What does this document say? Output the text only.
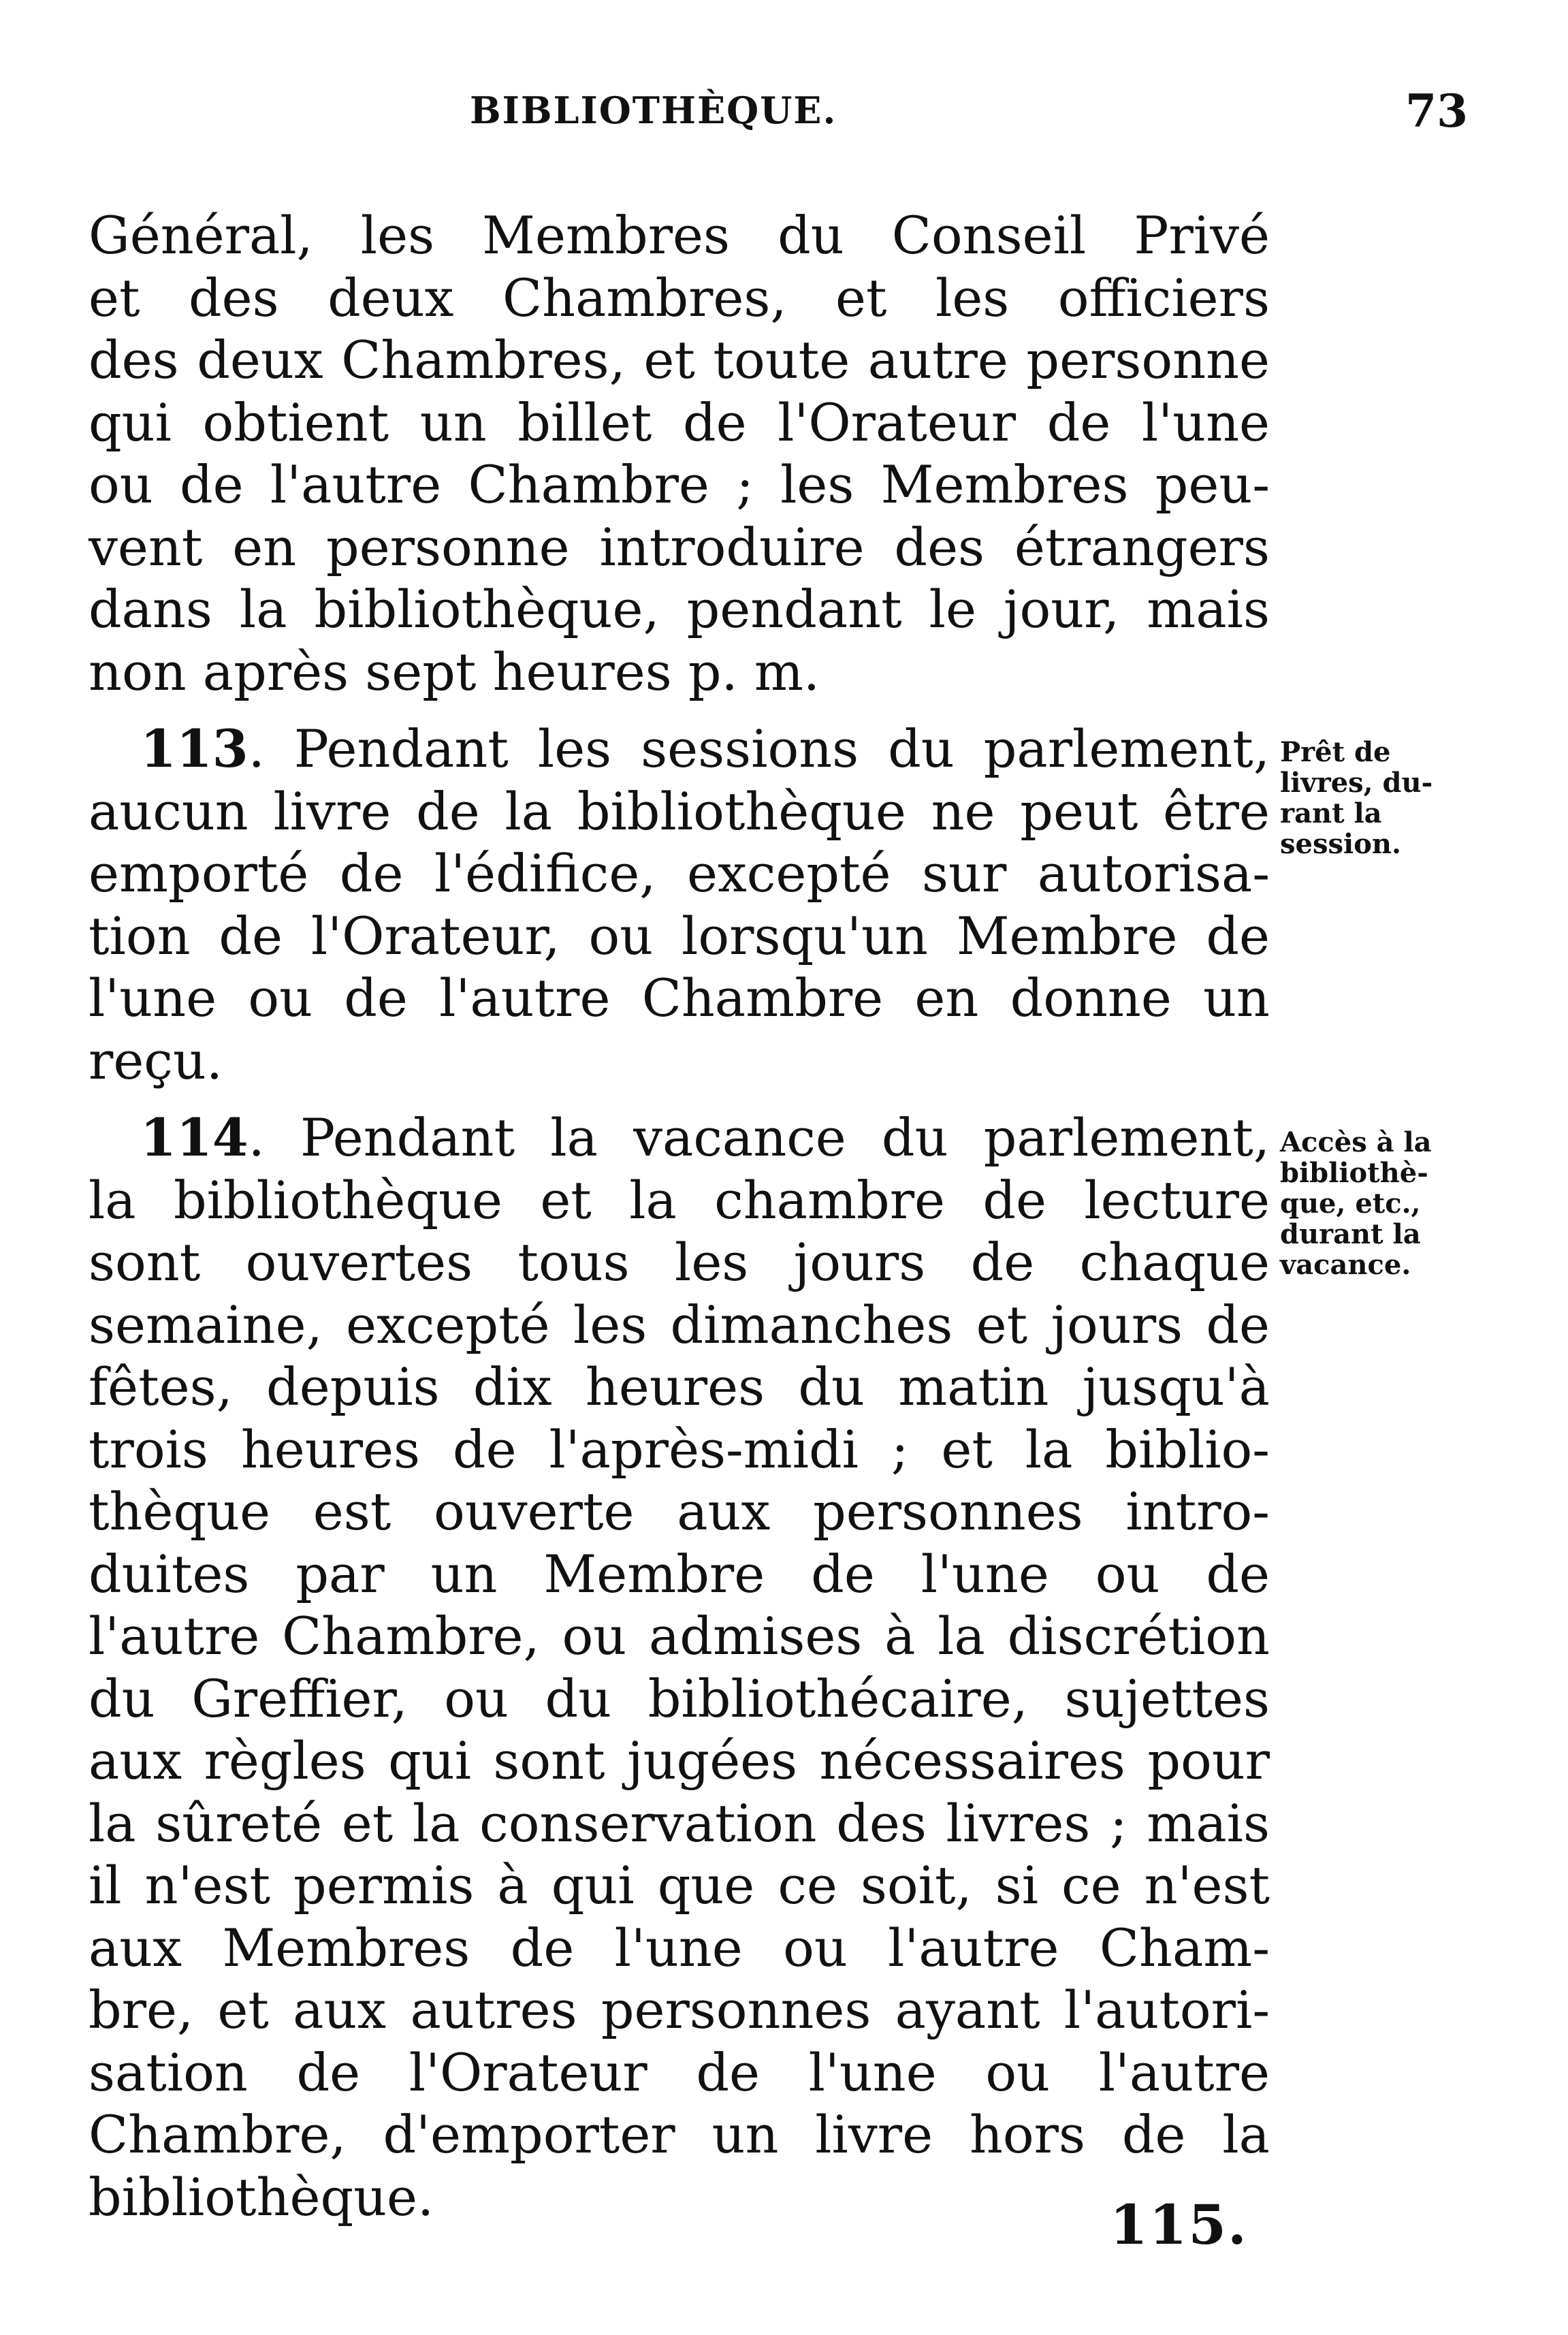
BIBLIOTHÈQUE.	73

Général, les Membres du Conseil Privé
et des deux Chambres, et les officiers
des deux Chambres, et toute autre personne
qui obtient un billet de l'Orateur de l'une
ou de l'autre Chambre ; les Membres peu-
vent en personne introduire des étrangers
dans la bibliothèque, pendant le jour, mais
non après sept heures p. m.

 113. Pendant les sessions du parlement,
aucun livre de la bibliothèque ne peut être
emporté de l'édifice, excepté sur autorisa-
tion de l'Orateur, ou lorsqu'un Membre de
l'une ou de l'autre Chambre en donne un
reçu.

 114. Pendant la vacance du parlement,
la bibliothèque et la chambre de lecture
sont ouvertes tous les jours de chaque
semaine, excepté les dimanches et jours de
fêtes, depuis dix heures du matin jusqu'à
trois heures de l'après-midi ; et la biblio-
thèque est ouverte aux personnes intro-
duites par un Membre de l'une ou de
l'autre Chambre, ou admises à la discrétion
du Greffier, ou du bibliothécaire, sujettes
aux règles qui sont jugées nécessaires pour
la sûreté et la conservation des livres ; mais
il n'est permis à qui que ce soit, si ce n'est
aux Membres de l'une ou l'autre Cham-
bre, et aux autres personnes ayant l'autori-
sation de l'Orateur de l'une ou l'autre
Chambre, d'emporter un livre hors de la
bibliothèque.

Prêt de
livres, du-
rant la
session.
Accès à la
bibliothè-
que, etc.,
durant la
vacance.
115.
